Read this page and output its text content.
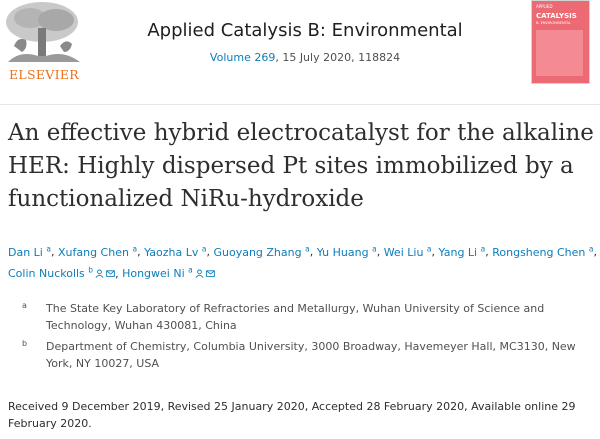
ELSEVIER
Applied Catalysis B: Environmental
Volume 269, 15 July 2020, 118824
APPLIED
CATALYSIS
B: ENVIRONMENTAL
An effective hybrid electrocatalyst for the alkaline HER: Highly dispersed Pt sites immobilized by a functionalized NiRu-hydroxide
Dan Li $^a$, Xufang Chen $^a$, Yaozha Lv $^a$, Guoyang Zhang $^a$, Yu Huang $^a$, Wei Liu $^a$, Yang Li $^a$, Rongsheng Chen $^a$, Colin Nuckolls $^b$ , Hongwei Ni $^a$
a The State Key Laboratory of Refractories and Metallurgy, Wuhan University of Science and Technology, Wuhan 430081, China
b Department of Chemistry, Columbia University, 3000 Broadway, Havemeyer Hall, MC3130, New York, NY 10027, USA
Received 9 December 2019, Revised 25 January 2020, Accepted 28 February 2020, Available online 29 February 2020.
